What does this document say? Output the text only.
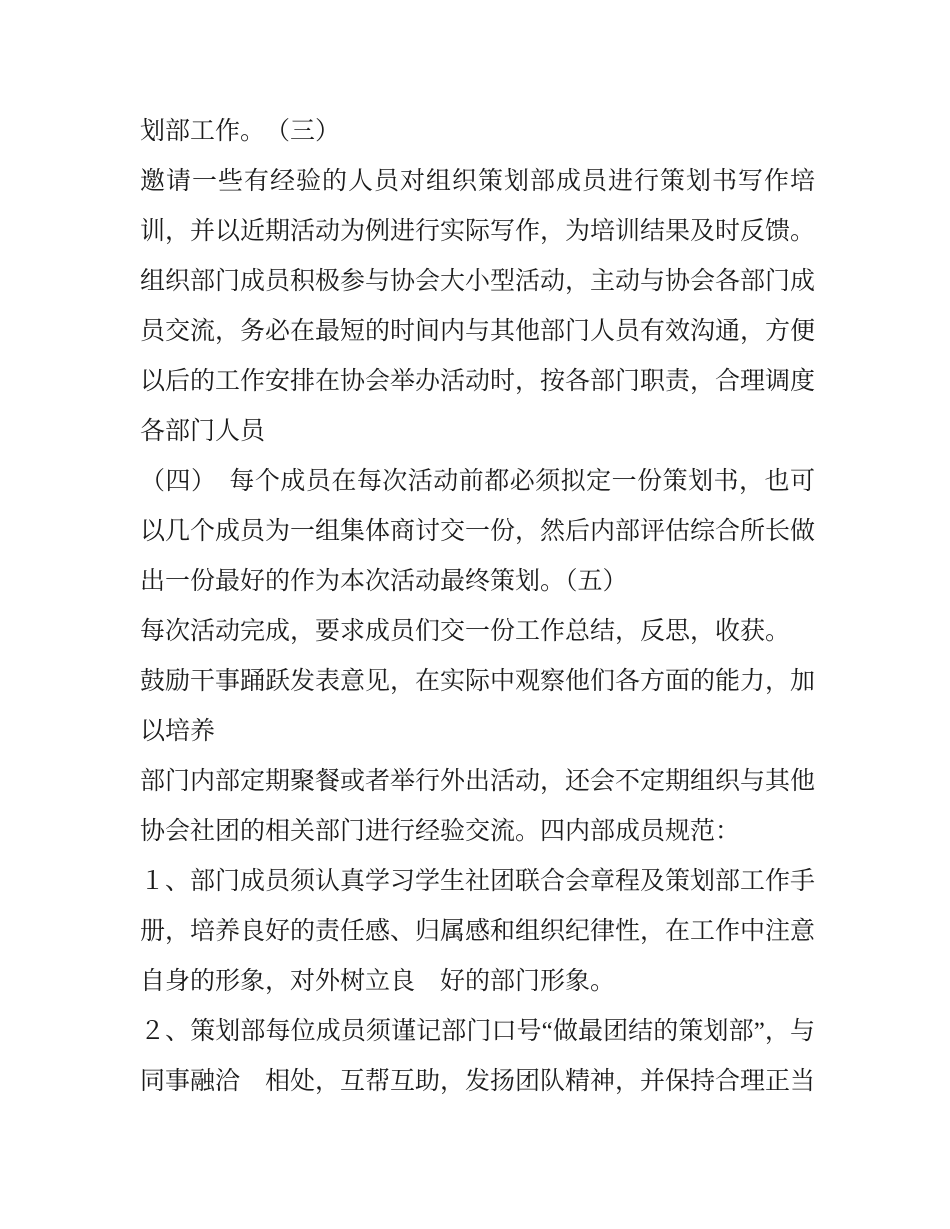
划部工作。　（三）
邀请一些有经验的人员对组织策划部成员进行策划书写作培
训，并以近期活动为例进行实际写作，为培训结果及时反馈。
组织部门成员积极参与协会大小型活动，主动与协会各部门成
员交流，务必在最短的时间内与其他部门人员有效沟通，方便
以后的工作安排在协会举办活动时，按各部门职责，合理调度
各部门人员
（四）　每个成员在每次活动前都必须拟定一份策划书，也可
以几个成员为一组集体商讨交一份，然后内部评估综合所长做
出一份最好的作为本次活动最终策划。（五）
每次活动完成，要求成员们交一份工作总结，反思，收获。
鼓励干事踊跃发表意见，在实际中观察他们各方面的能力，加
以培养
部门内部定期聚餐或者举行外出活动，还会不定期组织与其他
协会社团的相关部门进行经验交流。四内部成员规范：
１、部门成员须认真学习学生社团联合会章程及策划部工作手
册，培养良好的责任感、归属感和组织纪律性，在工作中注意
自身的形象，对外树立良　好的部门形象。
２、策划部每位成员须谨记部门口号“做最团结的策划部”，与
同事融洽　相处，互帮互助，发扬团队精神，并保持合理正当
